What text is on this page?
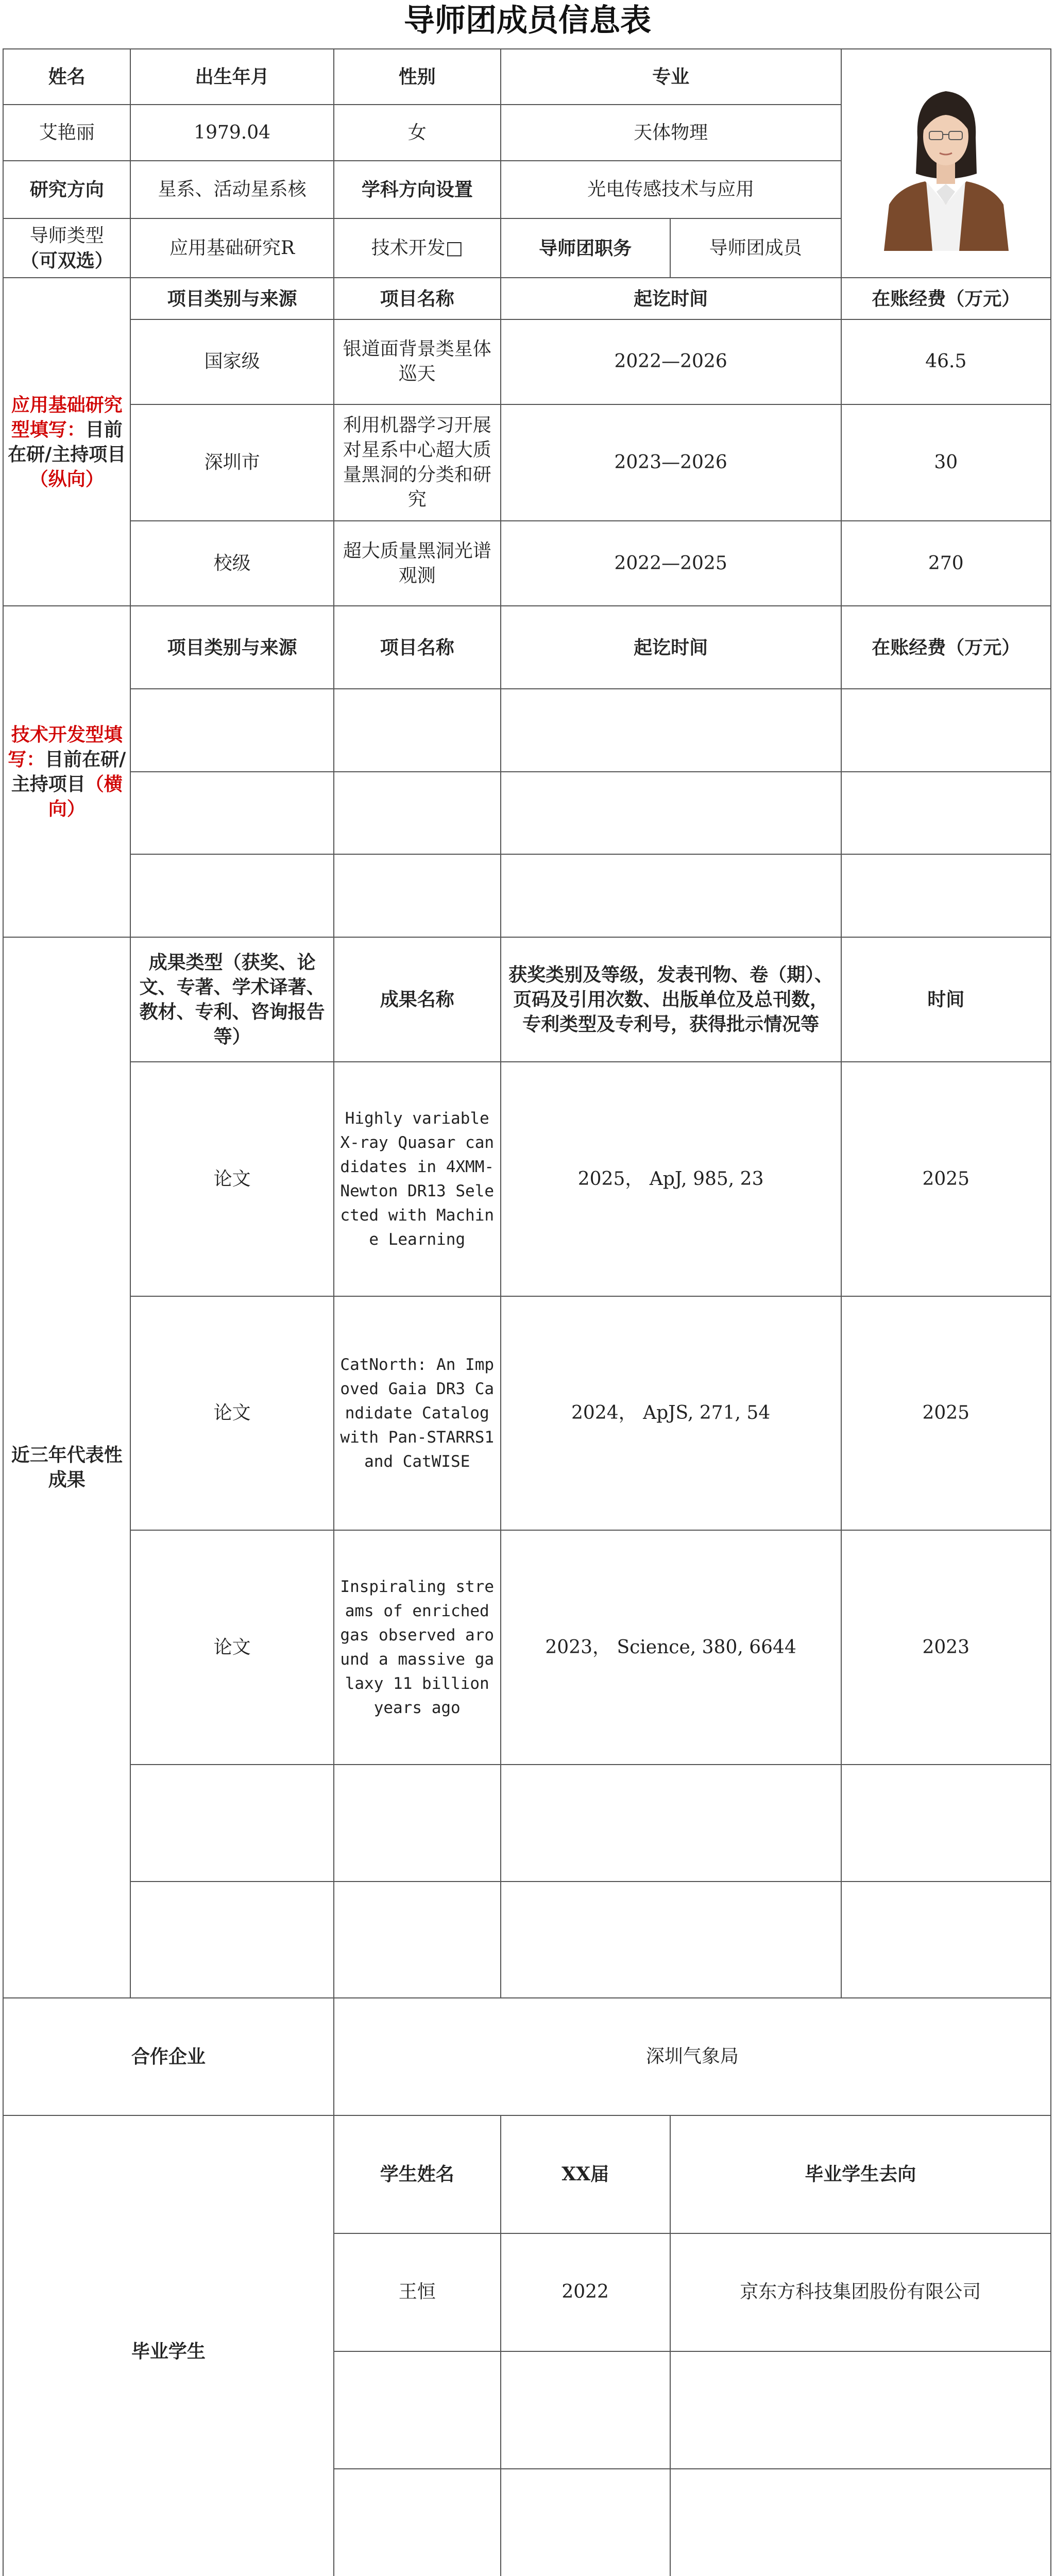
导师团成员信息表
姓名	出生年月	性别	专业	

艾艳丽	1979.04	女	天体物理		
研究方向	星系、活动星系核	学科方向设置	光电传感技术与应用		

导师类型
（可双选）	应用基础研究R	技术开发□	导师团职务	导师团成员	
应用基础研究型填写：目前在研/主持项目（纵向）	项目类别与来源	项目名称	起讫时间		在账经费（万元）
	国家级	银道面背景类星体巡天	2022—2026		46.5
	深圳市	利用机器学习开展对星系中心超大质量黑洞的分类和研究	2023—2026		30
	校级	超大质量黑洞光谱观测	2022—2025		270
技术开发型填写：目前在研/主持项目（横向）	项目类别与来源	项目名称	起讫时间		在账经费（万元）

近三年代表性成果	成果类型（获奖、论文、专著、学术译著、教材、专利、咨询报告等）	成果名称	获奖类别及等级，发表刊物、卷（期）、页码及引用次数、出版单位及总刊数，专利类型及专利号，获得批示情况等		时间
	论文	Highly variable X-ray Quasar candidates in 4XMM-Newton DR13 Selected with Machine Learning	2025， ApJ, 985, 23		2025
	论文	CatNorth: An Impoved Gaia DR3 Candidate Catalog with Pan-STARRS1 and CatWISE	2024， ApJS, 271, 54		2025
	论文	Inspiraling streams of enriched gas observed around a massive galaxy 11 billion years ago	2023， Science, 380, 6644		2023

合作企业		深圳气象局			
毕业学生		学生姓名	XX届	毕业学生去向	
		王恒	2022	京东方科技集团股份有限公司	
